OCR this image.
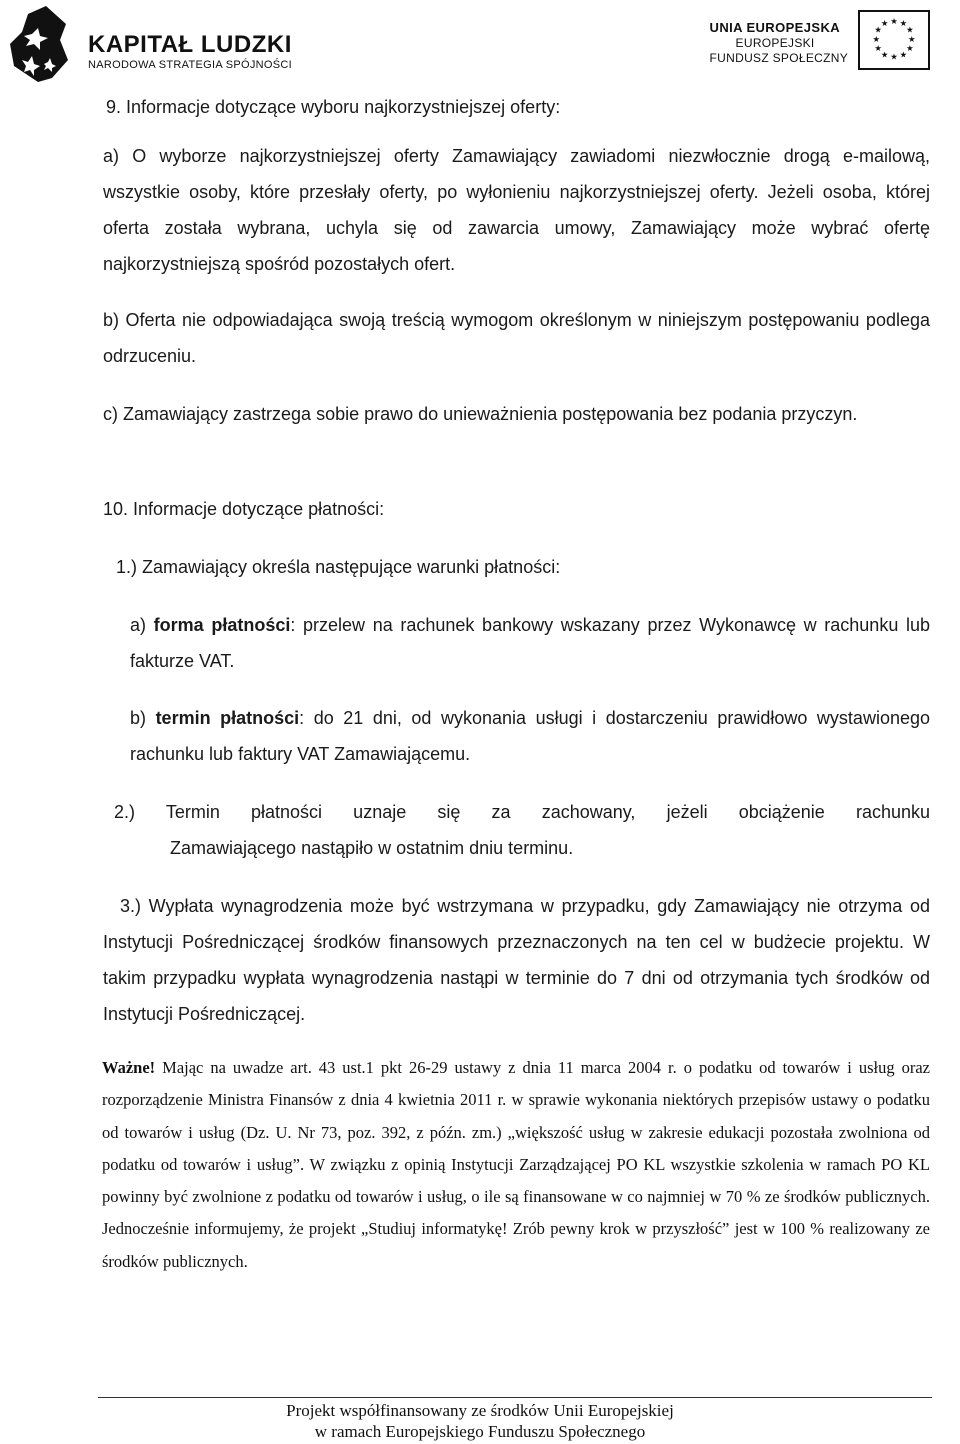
KAPITAŁ LUDZKI
NARODOWA STRATEGIA SPÓJNOŚCI
UNIA EUROPEJSKA
EUROPEJSKI
FUNDUSZ SPOŁECZNY
★ ★
★
★
★
★
★
★
★
★
★
★
9. Informacje dotyczące wyboru najkorzystniejszej oferty:
a) O wyborze najkorzystniejszej oferty Zamawiający zawiadomi niezwłocznie drogą e-mailową, wszystkie osoby, które przesłały oferty, po wyłonieniu najkorzystniejszej oferty. Jeżeli osoba, której oferta została wybrana, uchyla się od zawarcia umowy, Zamawiający może wybrać ofertę najkorzystniejszą spośród pozostałych ofert.
b) Oferta nie odpowiadająca swoją treścią wymogom określonym w niniejszym postępowaniu podlega odrzuceniu.
c) Zamawiający zastrzega sobie prawo do unieważnienia postępowania bez podania przyczyn.
10. Informacje dotyczące płatności:
1.) Zamawiający określa następujące warunki płatności:
a) forma płatności: przelew na rachunek bankowy wskazany przez Wykonawcę w rachunku lub fakturze VAT.
b) termin płatności: do 21 dni, od wykonania usługi i dostarczeniu prawidłowo wystawionego rachunku lub faktury VAT Zamawiającemu.
2.) Termin płatności uznaje się za zachowany, jeżeli obciążenie rachunku
Zamawiającego nastąpiło w ostatnim dniu terminu.
3.) Wypłata wynagrodzenia może być wstrzymana w przypadku, gdy Zamawiający nie otrzyma od Instytucji Pośredniczącej środków finansowych przeznaczonych na ten cel w budżecie projektu. W takim przypadku wypłata wynagrodzenia nastąpi w terminie do 7 dni od otrzymania tych środków od Instytucji Pośredniczącej.
Ważne! Mając na uwadze art. 43 ust.1 pkt 26-29 ustawy z dnia 11 marca 2004 r. o podatku od towarów i usług oraz rozporządzenie Ministra Finansów z dnia 4 kwietnia 2011 r. w sprawie wykonania niektórych przepisów ustawy o podatku od towarów i usług (Dz. U. Nr 73, poz. 392, z późn. zm.) „większość usług w zakresie edukacji pozostała zwolniona od podatku od towarów i usług”. W związku z opinią Instytucji Zarządzającej PO KL wszystkie szkolenia w ramach PO KL powinny być zwolnione z podatku od towarów i usług, o ile są finansowane w co najmniej w 70 % ze środków publicznych. Jednocześnie informujemy, że projekt „Studiuj informatykę! Zrób pewny krok w przyszłość” jest w 100 % realizowany ze środków publicznych.
Projekt współfinansowany ze środków Unii Europejskiej
w ramach Europejskiego Funduszu Społecznego
